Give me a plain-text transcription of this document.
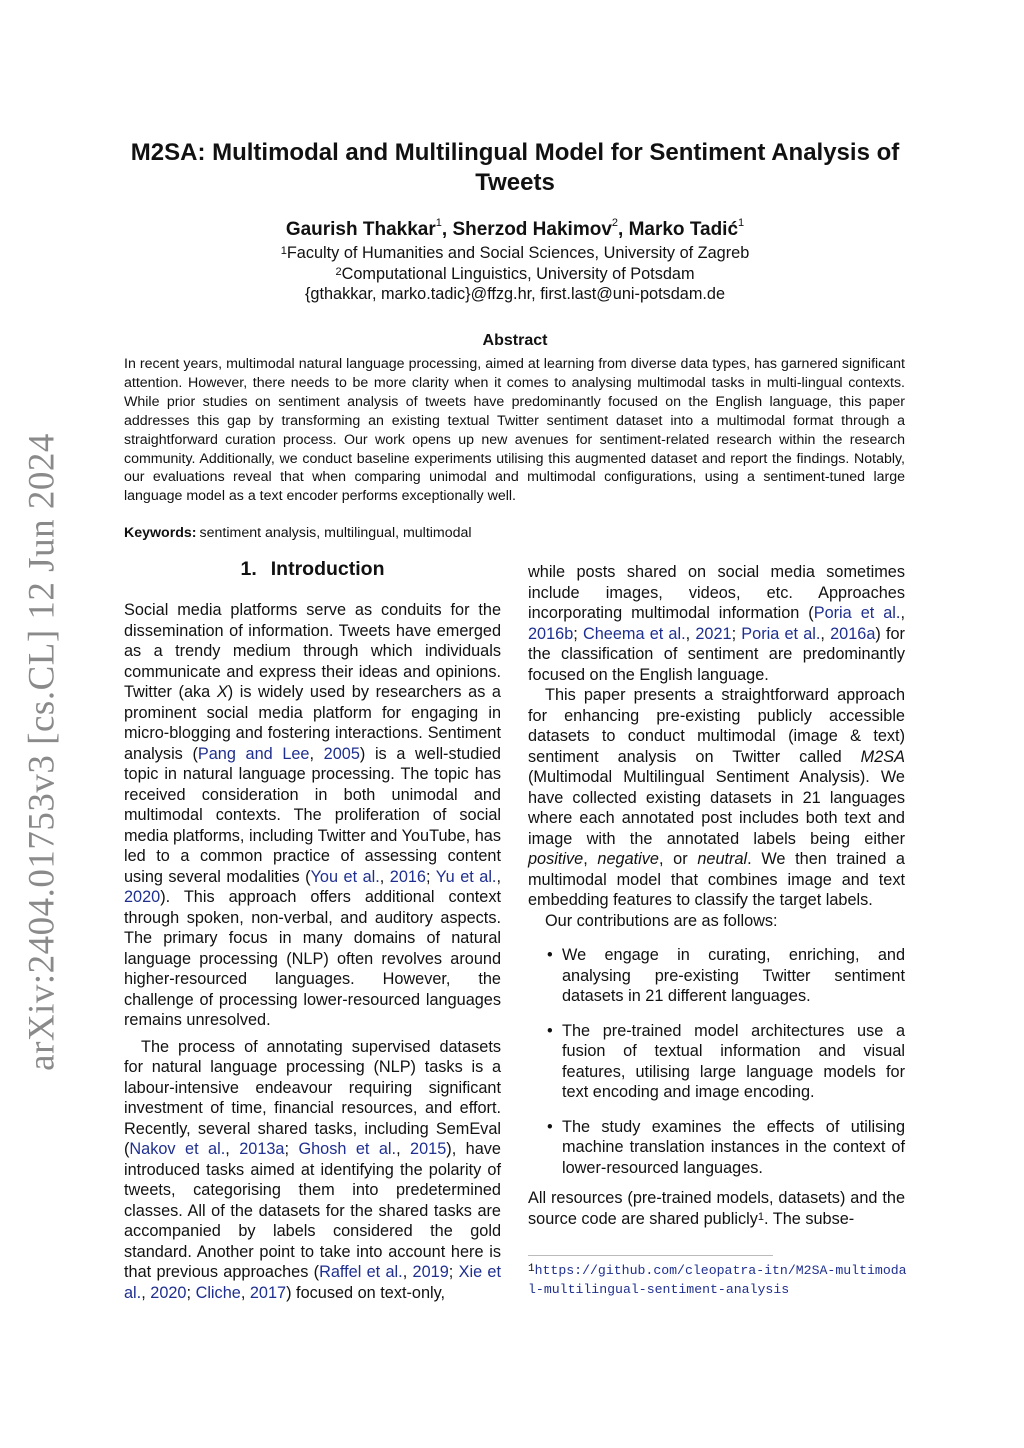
arXiv:2404.01753v3 [cs.CL] 12 Jun 2024
M2SA: Multimodal and Multilingual Model for Sentiment Analysis of Tweets
Gaurish Thakkar$^1$, Sherzod Hakimov$^2$, Marko Tadić$^1$
$^1$Faculty of Humanities and Social Sciences, University of Zagreb
$^2$Computational Linguistics, University of Potsdam
{gthakkar, marko.tadic}@ffzg.hr, first.last@uni-potsdam.de
Abstract
In recent years, multimodal natural language processing, aimed at learning from diverse data types, has garnered significant attention. However, there needs to be more clarity when it comes to analysing multimodal tasks in multi-lingual contexts. While prior studies on sentiment analysis of tweets have predominantly focused on the English language, this paper addresses this gap by transforming an existing textual Twitter sentiment dataset into a multimodal format through a straightforward curation process. Our work opens up new avenues for sentiment-related research within the research community. Additionally, we conduct baseline experiments utilising this augmented dataset and report the findings. Notably, our evaluations reveal that when comparing unimodal and multimodal configurations, using a sentiment-tuned large language model as a text encoder performs exceptionally well.
Keywords: sentiment analysis, multilingual, multimodal
1. Introduction

Social media platforms serve as conduits for the dissemination of information. Tweets have emerged as a trendy medium through which individuals communicate and express their ideas and opinions. Twitter (aka X) is widely used by researchers as a prominent social media platform for engaging in micro-blogging and fostering interactions. Sentiment analysis (Pang and Lee, 2005) is a well-studied topic in natural language processing. The topic has received consideration in both unimodal and multimodal contexts. The proliferation of social media platforms, including Twitter and YouTube, has led to a common practice of assessing content using several modalities (You et al., 2016; Yu et al., 2020). This approach offers additional context through spoken, non-verbal, and auditory aspects. The primary focus in many domains of natural language processing (NLP) often revolves around higher-resourced languages. However, the challenge of processing lower-resourced languages remains unresolved.

The process of annotating supervised datasets for natural language processing (NLP) tasks is a labour-intensive endeavour requiring significant investment of time, financial resources, and effort. Recently, several shared tasks, including SemEval (Nakov et al., 2013a; Ghosh et al., 2015), have introduced tasks aimed at identifying the polarity of tweets, categorising them into predetermined classes. All of the datasets for the shared tasks are accompanied by labels considered the gold standard. Another point to take into account here is that previous approaches (Raffel et al., 2019; Xie et al., 2020; Cliche, 2017) focused on text-only,

while posts shared on social media sometimes include images, videos, etc. Approaches incorporating multimodal information (Poria et al., 2016b; Cheema et al., 2021; Poria et al., 2016a) for the classification of sentiment are predominantly focused on the English language.

This paper presents a straightforward approach for enhancing pre-existing publicly accessible datasets to conduct multimodal (image & text) sentiment analysis on Twitter called M2SA (Multimodal Multilingual Sentiment Analysis). We have collected existing datasets in 21 languages where each annotated post includes both text and image with the annotated labels being either positive, negative, or neutral. We then trained a multimodal model that combines image and text embedding features to classify the target labels.

Our contributions are as follows:

• We engage in curating, enriching, and analysing pre-existing Twitter sentiment datasets in 21 different languages.
• The pre-trained model architectures use a fusion of textual information and visual features, utilising large language models for text encoding and image encoding.
• The study examines the effects of utilising machine translation instances in the context of lower-resourced languages.

All resources (pre-trained models, datasets) and the source code are shared publicly$^1$. The subse-

$^1$https://github.com/cleopatra-itn/M2SA-multimodal-multilingual-sentiment-analysis
